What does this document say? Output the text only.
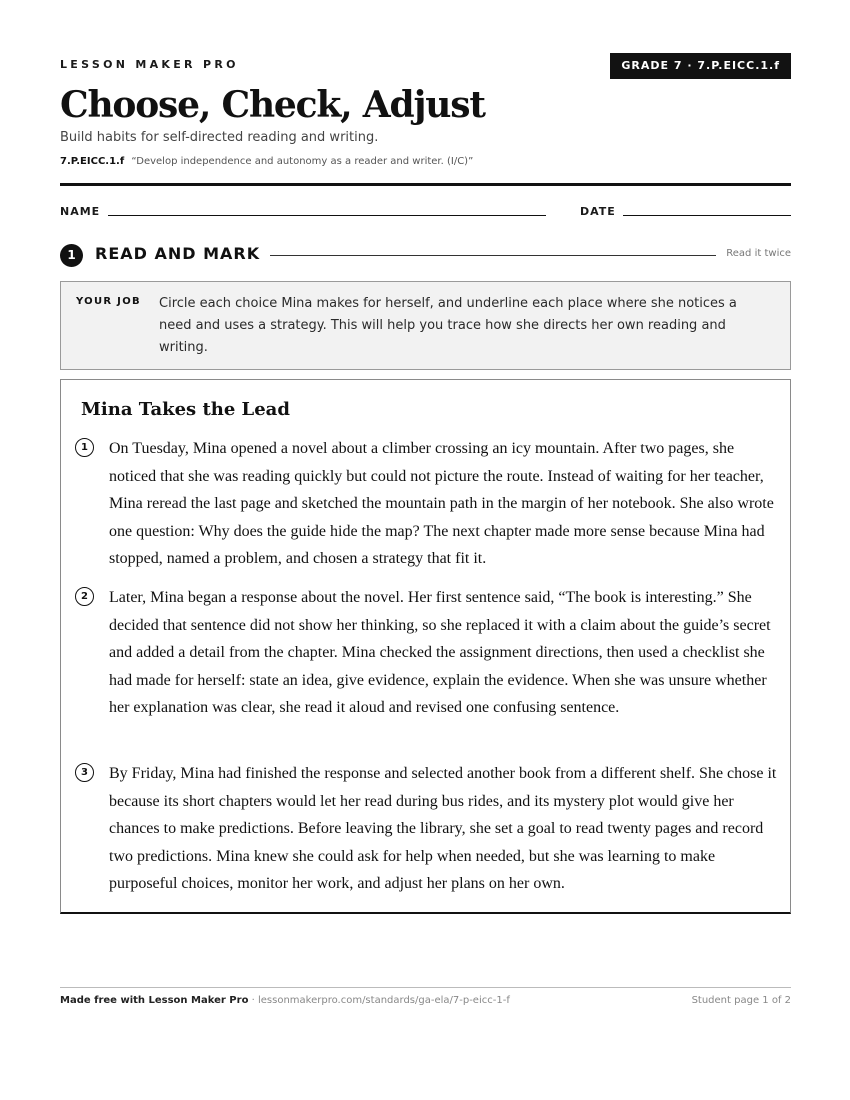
LESSON MAKER PRO	GRADE 7 · 7.P.EICC.1.f
Choose, Check, Adjust
Build habits for self-directed reading and writing.
7.P.EICC.1.f “Develop independence and autonomy as a reader and writer. (I/C)”
NAME	DATE
1	READ AND MARK	Read it twice
YOUR JOB Circle each choice Mina makes for herself, and underline each place where she notices a need and uses a strategy. This will help you trace how she directs her own reading and writing.
Mina Takes the Lead
1	On Tuesday, Mina opened a novel about a climber crossing an icy mountain. After two pages, she noticed that she was reading quickly but could not picture the route. Instead of waiting for her teacher, Mina reread the last page and sketched the mountain path in the margin of her notebook. She also wrote one question: Why does the guide hide the map? The next chapter made more sense because Mina had stopped, named a problem, and chosen a strategy that fit it.
2	Later, Mina began a response about the novel. Her first sentence said, “The book is interesting.” She decided that sentence did not show her thinking, so she replaced it with a claim about the guide’s secret and added a detail from the chapter. Mina checked the assignment directions, then used a checklist she had made for herself: state an idea, give evidence, explain the evidence. When she was unsure whether her explanation was clear, she read it aloud and revised one confusing sentence.
3	By Friday, Mina had finished the response and selected another book from a different shelf. She chose it because its short chapters would let her read during bus rides, and its mystery plot would give her chances to make predictions. Before leaving the library, she set a goal to read twenty pages and record two predictions. Mina knew she could ask for help when needed, but she was learning to make purposeful choices, monitor her work, and adjust her plans on her own.
Made free with Lesson Maker Pro · lessonmakerpro.com/standards/ga-ela/7-p-eicc-1-f	Student page 1 of 2
